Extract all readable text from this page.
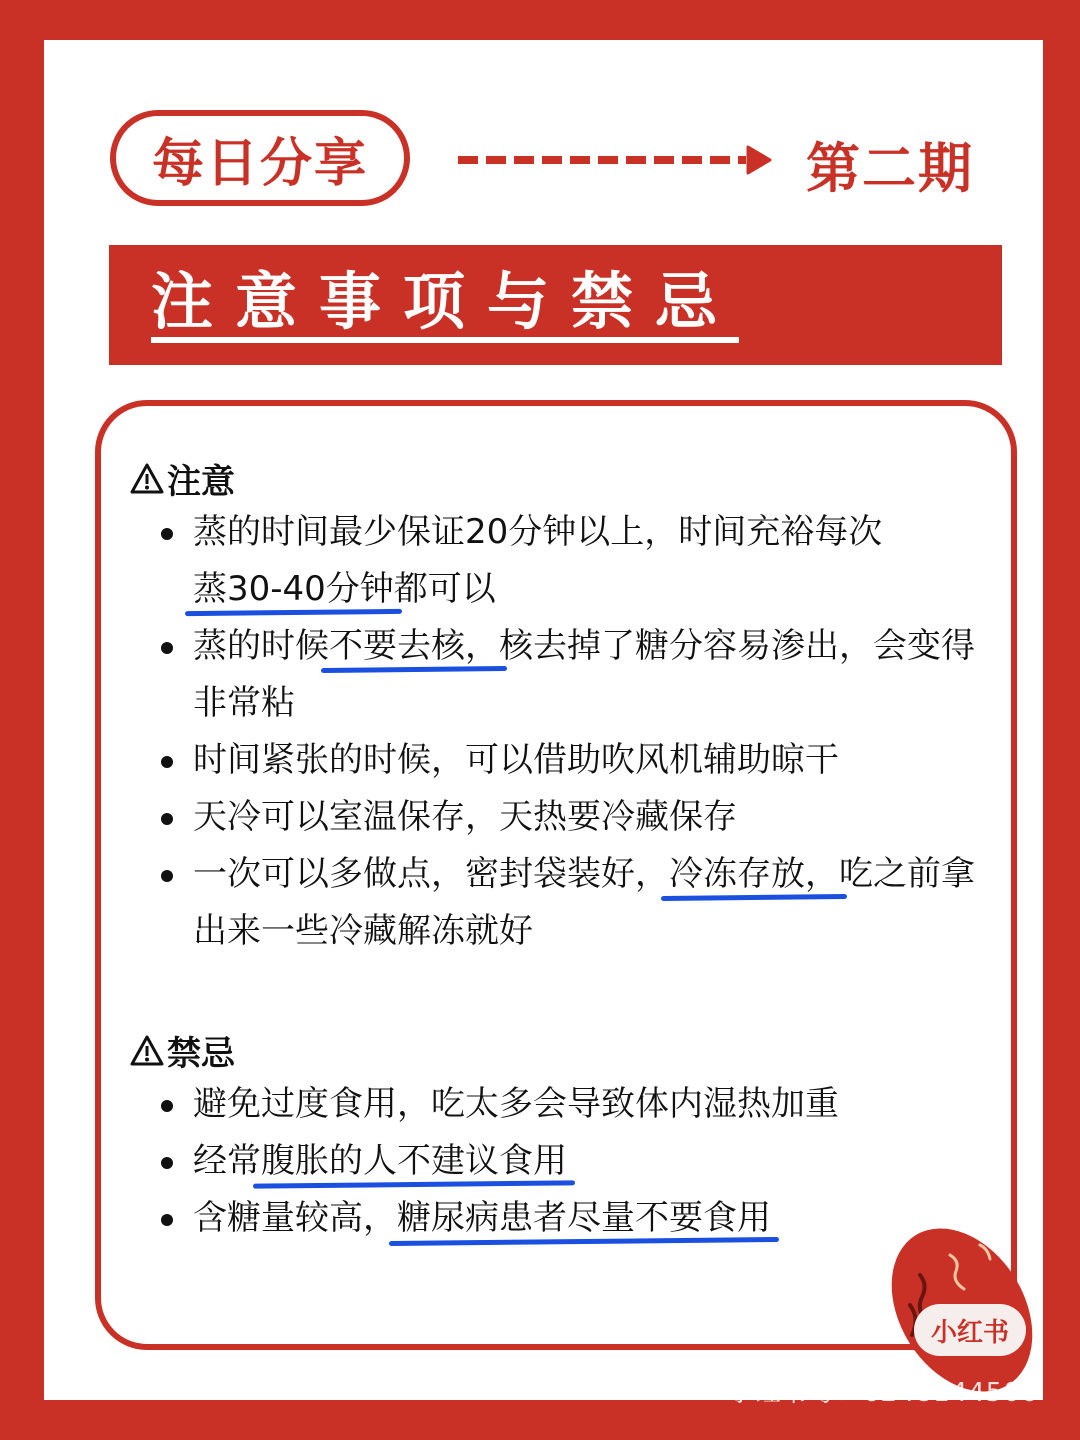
每日分享	第二期
注意事项与禁忌
注意
蒸的时间最少保证20分钟以上，时间充裕每次蒸30-40分钟都可以
蒸的时候不要去核，核去掉了糖分容易渗出，会变得非常粘
时间紧张的时候，可以借助吹风机辅助晾干
天冷可以室温保存，天热要冷藏保存
一次可以多做点，密封袋装好，冷冻存放，吃之前拿出来一些冷藏解冻就好
禁忌
避免过度食用，吃太多会导致体内湿热加重
经常腹胀的人不建议食用
含糖量较高，糖尿病患者尽量不要食用
小红书
小红书号：6248144506
